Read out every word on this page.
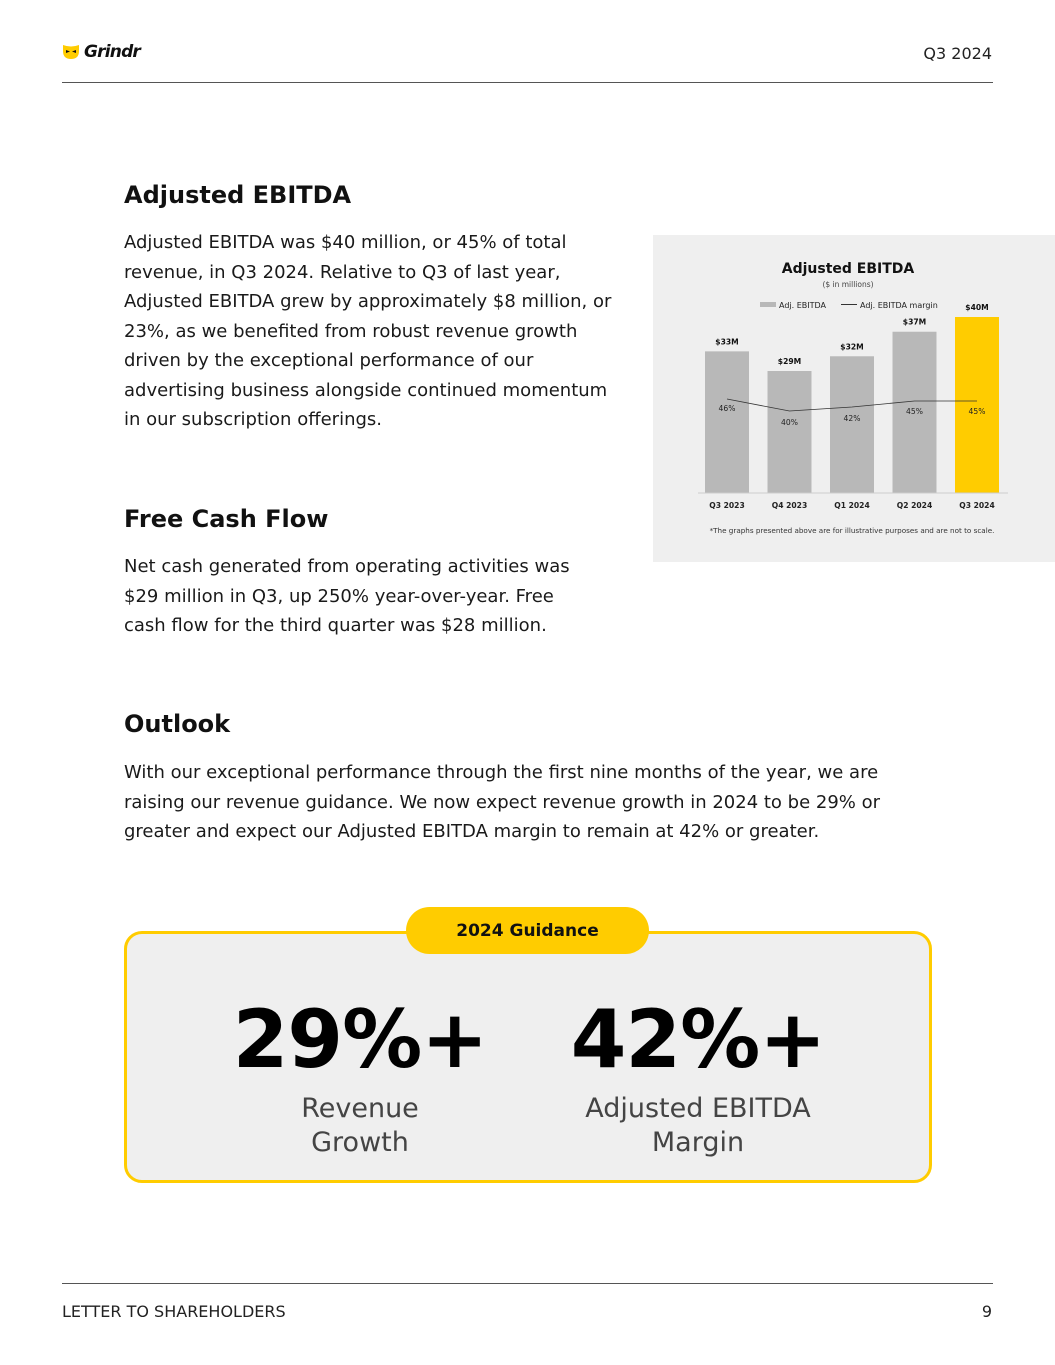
Grindr	Q3 2024
Adjusted EBITDA

Adjusted EBITDA was $40 million, or 45% of total revenue, in Q3 2024. Relative to Q3 of last year, Adjusted EBITDA grew by approximately $8 million, or 23%, as we benefited from robust revenue growth driven by the exceptional performance of our advertising business alongside continued momentum in our subscription offerings.

Adjusted EBITDA
($ in millions)
Adj. EBITDA	Adj. EBITDA margin
$33M
Q3 2023
$29M
Q4 2023
$32M
Q1 2024
$37M
Q2 2024
$40M
Q3 2024
46%
40%	42%
45%	45%
*The graphs presented above are for illustrative purposes and are not to scale.
Free Cash Flow

Net cash generated from operating activities was $29 million in Q3, up 250% year-over-year. Free cash flow for the third quarter was $28 million.

Outlook

With our exceptional performance through the first nine months of the year, we are raising our revenue guidance. We now expect revenue growth in 2024 to be 29% or greater and expect our Adjusted EBITDA margin to remain at 42% or greater.

2024 Guidance
29%+
Revenue
Growth
42%+
Adjusted EBITDA
Margin
LETTER TO SHAREHOLDERS	9
